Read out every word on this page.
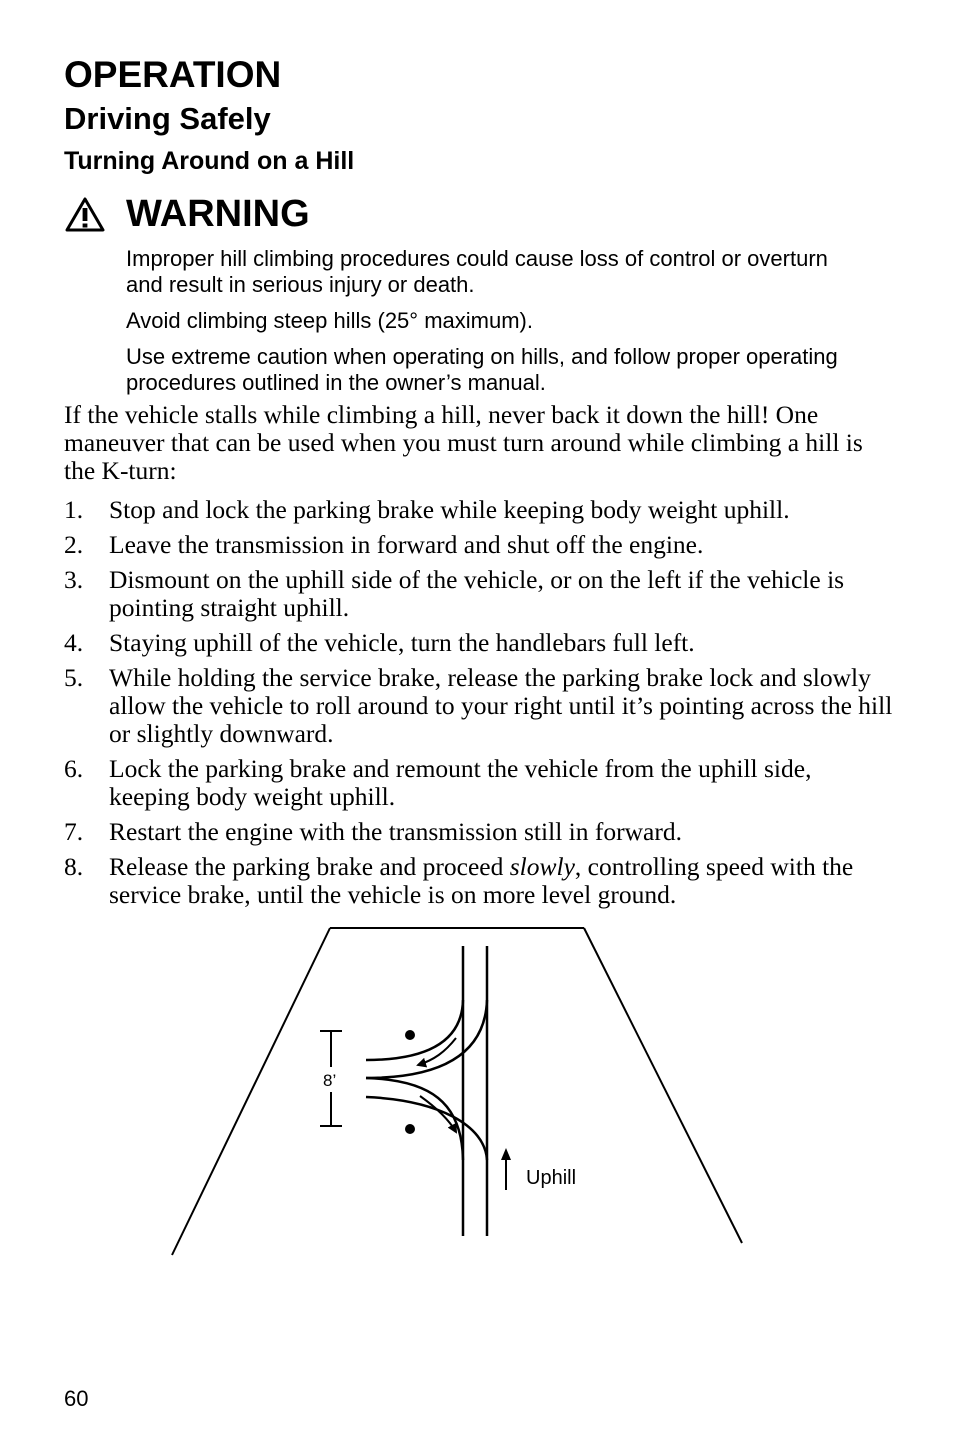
OPERATION
Driving Safely
Turning Around on a Hill
WARNING

Improper hill climbing procedures could cause loss of control or overturn and result in serious injury or death.

Avoid climbing steep hills (25° maximum).

Use extreme caution when operating on hills, and follow proper operating procedures outlined in the owner’s manual.

If the vehicle stalls while climbing a hill, never back it down the hill! One maneuver that can be used when you must turn around while climbing a hill is the K-turn:

1.	Stop and lock the parking brake while keeping body weight uphill.
2.	Leave the transmission in forward and shut off the engine.
3.	Dismount on the uphill side of the vehicle, or on the left if the vehicle is pointing straight uphill.
4.	Staying uphill of the vehicle, turn the handlebars full left.
5.	While holding the service brake, release the parking brake lock and slowly allow the vehicle to roll around to your right until it’s pointing across the hill or slightly downward.
6.	Lock the parking brake and remount the vehicle from the uphill side, keeping body weight uphill.
7.	Restart the engine with the transmission still in forward.
8.	Release the parking brake and proceed slowly, controlling speed with the service brake, until the vehicle is on more level ground.
8’
Uphill
60
